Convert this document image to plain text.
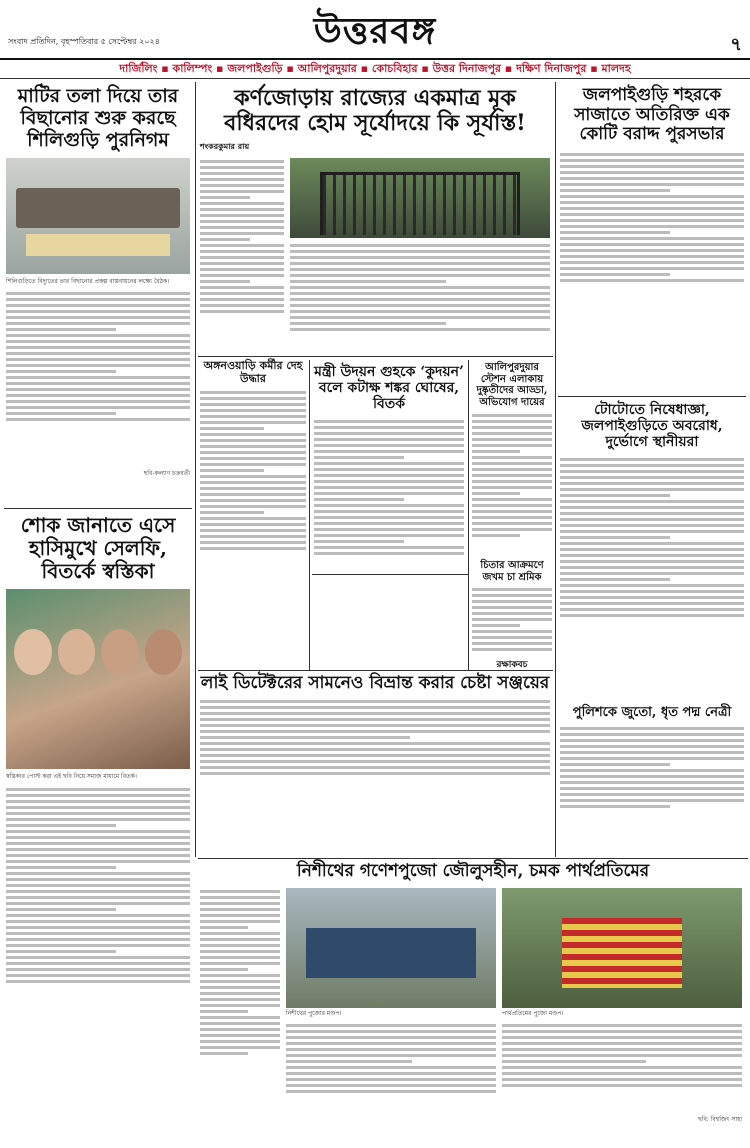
সংবাদ প্রতিদিন, বৃহস্পতিবার ৫ সেপ্টেম্বর ২০২৪	উত্তরবঙ্গ	৭
দার্জিলিং ▪ কালিম্পং ▪ জলপাইগুড়ি ▪ আলিপুরদুয়ার ▪ কোচবিহার ▪ উত্তর দিনাজপুর ▪ দক্ষিণ দিনাজপুর ▪ মালদহ
মাটির তলা দিয়ে তার বিছানোর শুরু করছে শিলিগুড়ি পুরনিগম
শিলিগুড়িতে বিদ্যুতের তার বিছানোর প্রকল্প বাস্তবায়নের লক্ষ্যে বৈঠক।
ছবি-কল্যাণ চক্রবর্তী
শোক জানাতে এসে হাসিমুখে সেলফি, বিতর্কে স্বস্তিকা
স্বস্তিকার পোস্ট করা এই ছবি নিয়ে সমাজ মাধ্যমে বিতর্ক।
কর্ণজোড়ায় রাজ্যের একমাত্র মূক বধিরদের হোম সূর্যোদয়ে কি সূর্যাস্ত!
শংকরকুমার রায়
অঙ্গনওয়াড়ি কর্মীর দেহ উদ্ধার	মন্ত্রী উদয়ন গুহকে ‘কুদয়ন’ বলে কটাক্ষ শঙ্কর ঘোষের, বিতর্ক
আলিপুরদুয়ার স্টেশন এলাকায় দুষ্কৃতীদের আড্ডা, অভিযোগ দায়ের
লাই ডিটেক্টরের সামনেও বিভ্রান্ত করার চেষ্টা সঞ্জয়ের
চিতার আক্রমণে জখম চা শ্রমিক
জলপাইগুড়ি শহরকে সাজাতে অতিরিক্ত এক কোটি বরাদ্দ পুরসভার
টোটোতে নিষেধাজ্ঞা, জলপাইগুড়িতে অবরোধ, দুর্ভোগে স্থানীয়রা
রক্ষাকবচ
পুলিশকে জুতো, ধৃত পদ্ম নেত্রী
নিশীথের গণেশপুজো জৌলুসহীন, চমক পার্থপ্রতিমের
নিশীথের পুজোর মণ্ডপ।	পার্থপ্রতিমের পুজো মণ্ডপ।
ছবি: বিশ্বজিৎ সাহা
